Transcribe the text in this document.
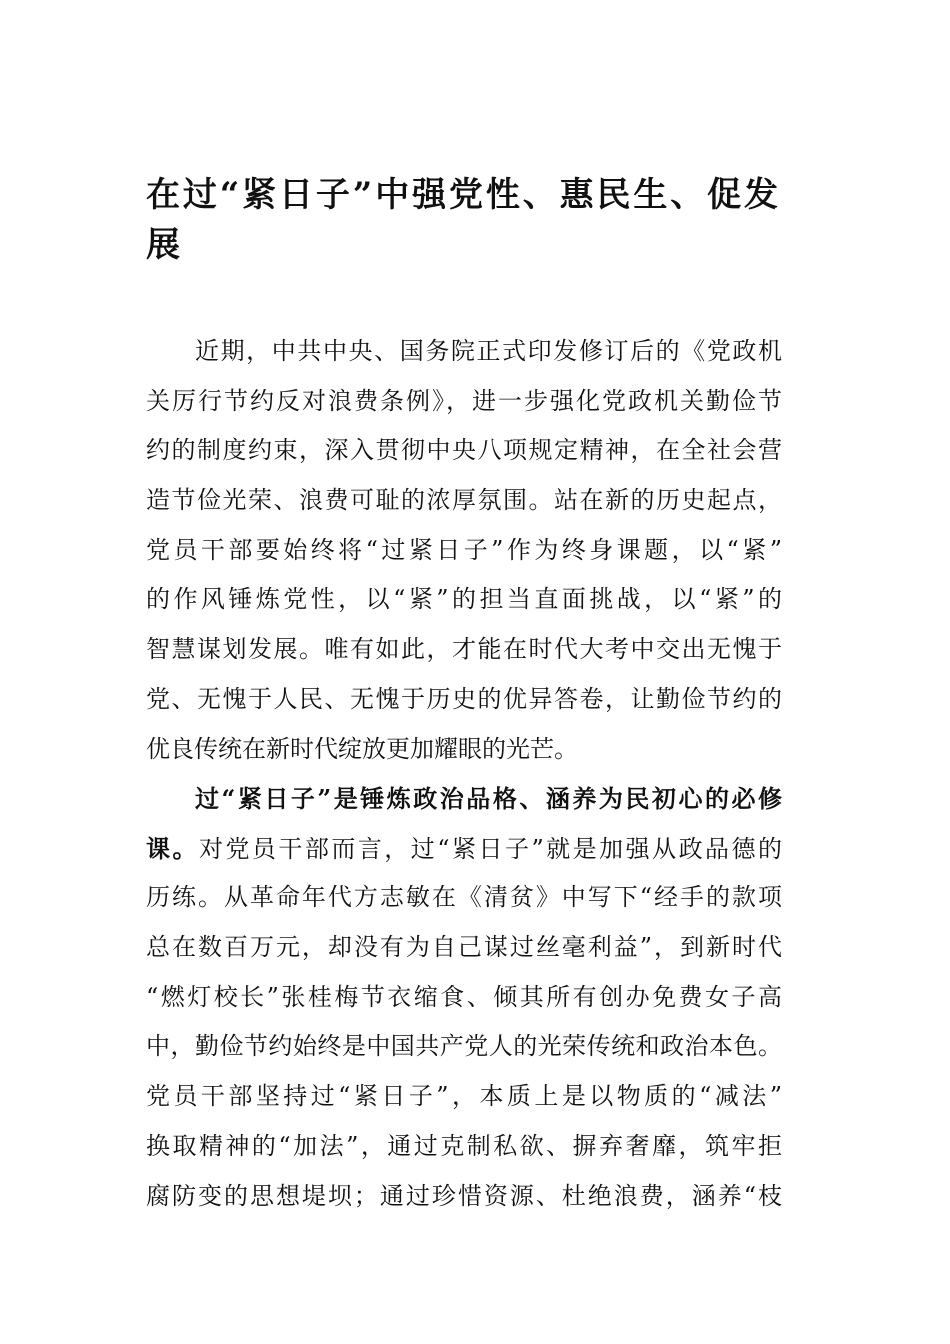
在过“紧日子”中强党性、惠民生、促发
展
近期，中共中央、国务院正式印发修订后的《党政机
关厉行节约反对浪费条例》，进一步强化党政机关勤俭节
约的制度约束，深入贯彻中央八项规定精神，在全社会营
造节俭光荣、浪费可耻的浓厚氛围。站在新的历史起点，
党员干部要始终将“过紧日子”作为终身课题，以“紧”
的作风锤炼党性，以“紧”的担当直面挑战，以“紧”的
智慧谋划发展。唯有如此，才能在时代大考中交出无愧于
党、无愧于人民、无愧于历史的优异答卷，让勤俭节约的
优良传统在新时代绽放更加耀眼的光芒。
过“紧日子”是锤炼政治品格、涵养为民初心的必修
课。对党员干部而言，过“紧日子”就是加强从政品德的
历练。从革命年代方志敏在《清贫》中写下“经手的款项
总在数百万元，却没有为自己谋过丝毫利益”，到新时代
“燃灯校长”张桂梅节衣缩食、倾其所有创办免费女子高
中，勤俭节约始终是中国共产党人的光荣传统和政治本色。
党员干部坚持过“紧日子”，本质上是以物质的“减法”
换取精神的“加法”，通过克制私欲、摒弃奢靡，筑牢拒
腐防变的思想堤坝；通过珍惜资源、杜绝浪费，涵养“枝
